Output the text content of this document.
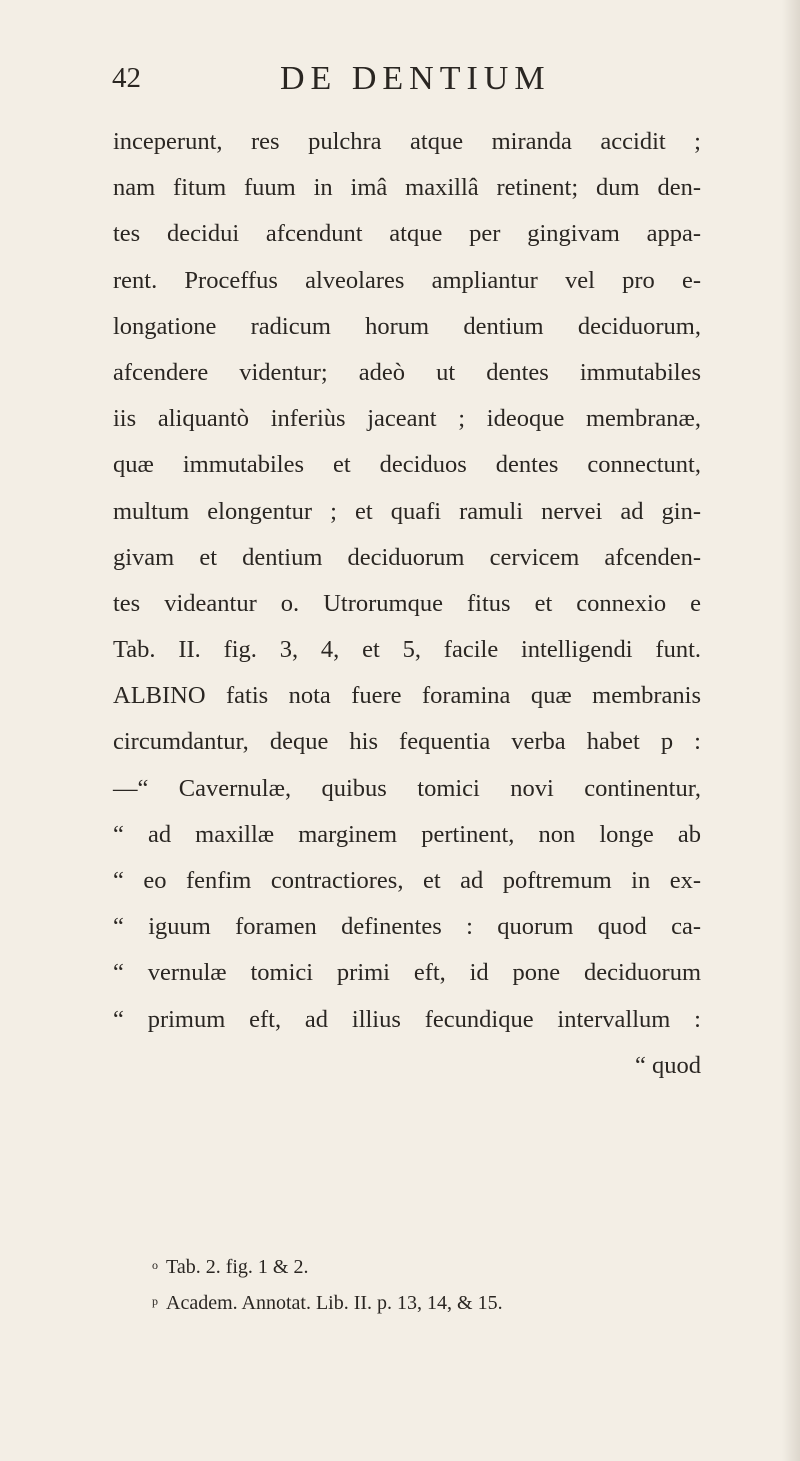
42	DE DENTIUM
inceperunt, res pulchra atque miranda accidit ;
nam fitum fuum in imâ maxillâ retinent; dum den-
tes decidui afcendunt atque per gingivam appa-
rent. Proceffus alveolares ampliantur vel pro e-
longatione radicum horum dentium deciduorum,
afcendere videntur; adeò ut dentes immutabiles
iis aliquantò inferiùs jaceant ; ideoque membranæ,
quæ immutabiles et deciduos dentes connectunt,
multum elongentur ; et quafi ramuli nervei ad gin-
givam et dentium deciduorum cervicem afcenden-
tes videantur o. Utrorumque fitus et connexio e
Tab. II. fig. 3, 4, et 5, facile intelligendi funt.
ALBINO fatis nota fuere foramina quæ membranis
circumdantur, deque his fequentia verba habet p :
—“ Cavernulæ, quibus tomici novi continentur,
“ ad maxillæ marginem pertinent, non longe ab
“ eo fenfim contractiores, et ad poftremum in ex-
“ iguum foramen definentes : quorum quod ca-
“ vernulæ tomici primi eft, id pone deciduorum
“ primum eft, ad illius fecundique intervallum :
“ quod
$^o$ Tab. 2. fig. 1 & 2.
$^p$ Academ. Annotat. Lib. II. p. 13, 14, & 15.
